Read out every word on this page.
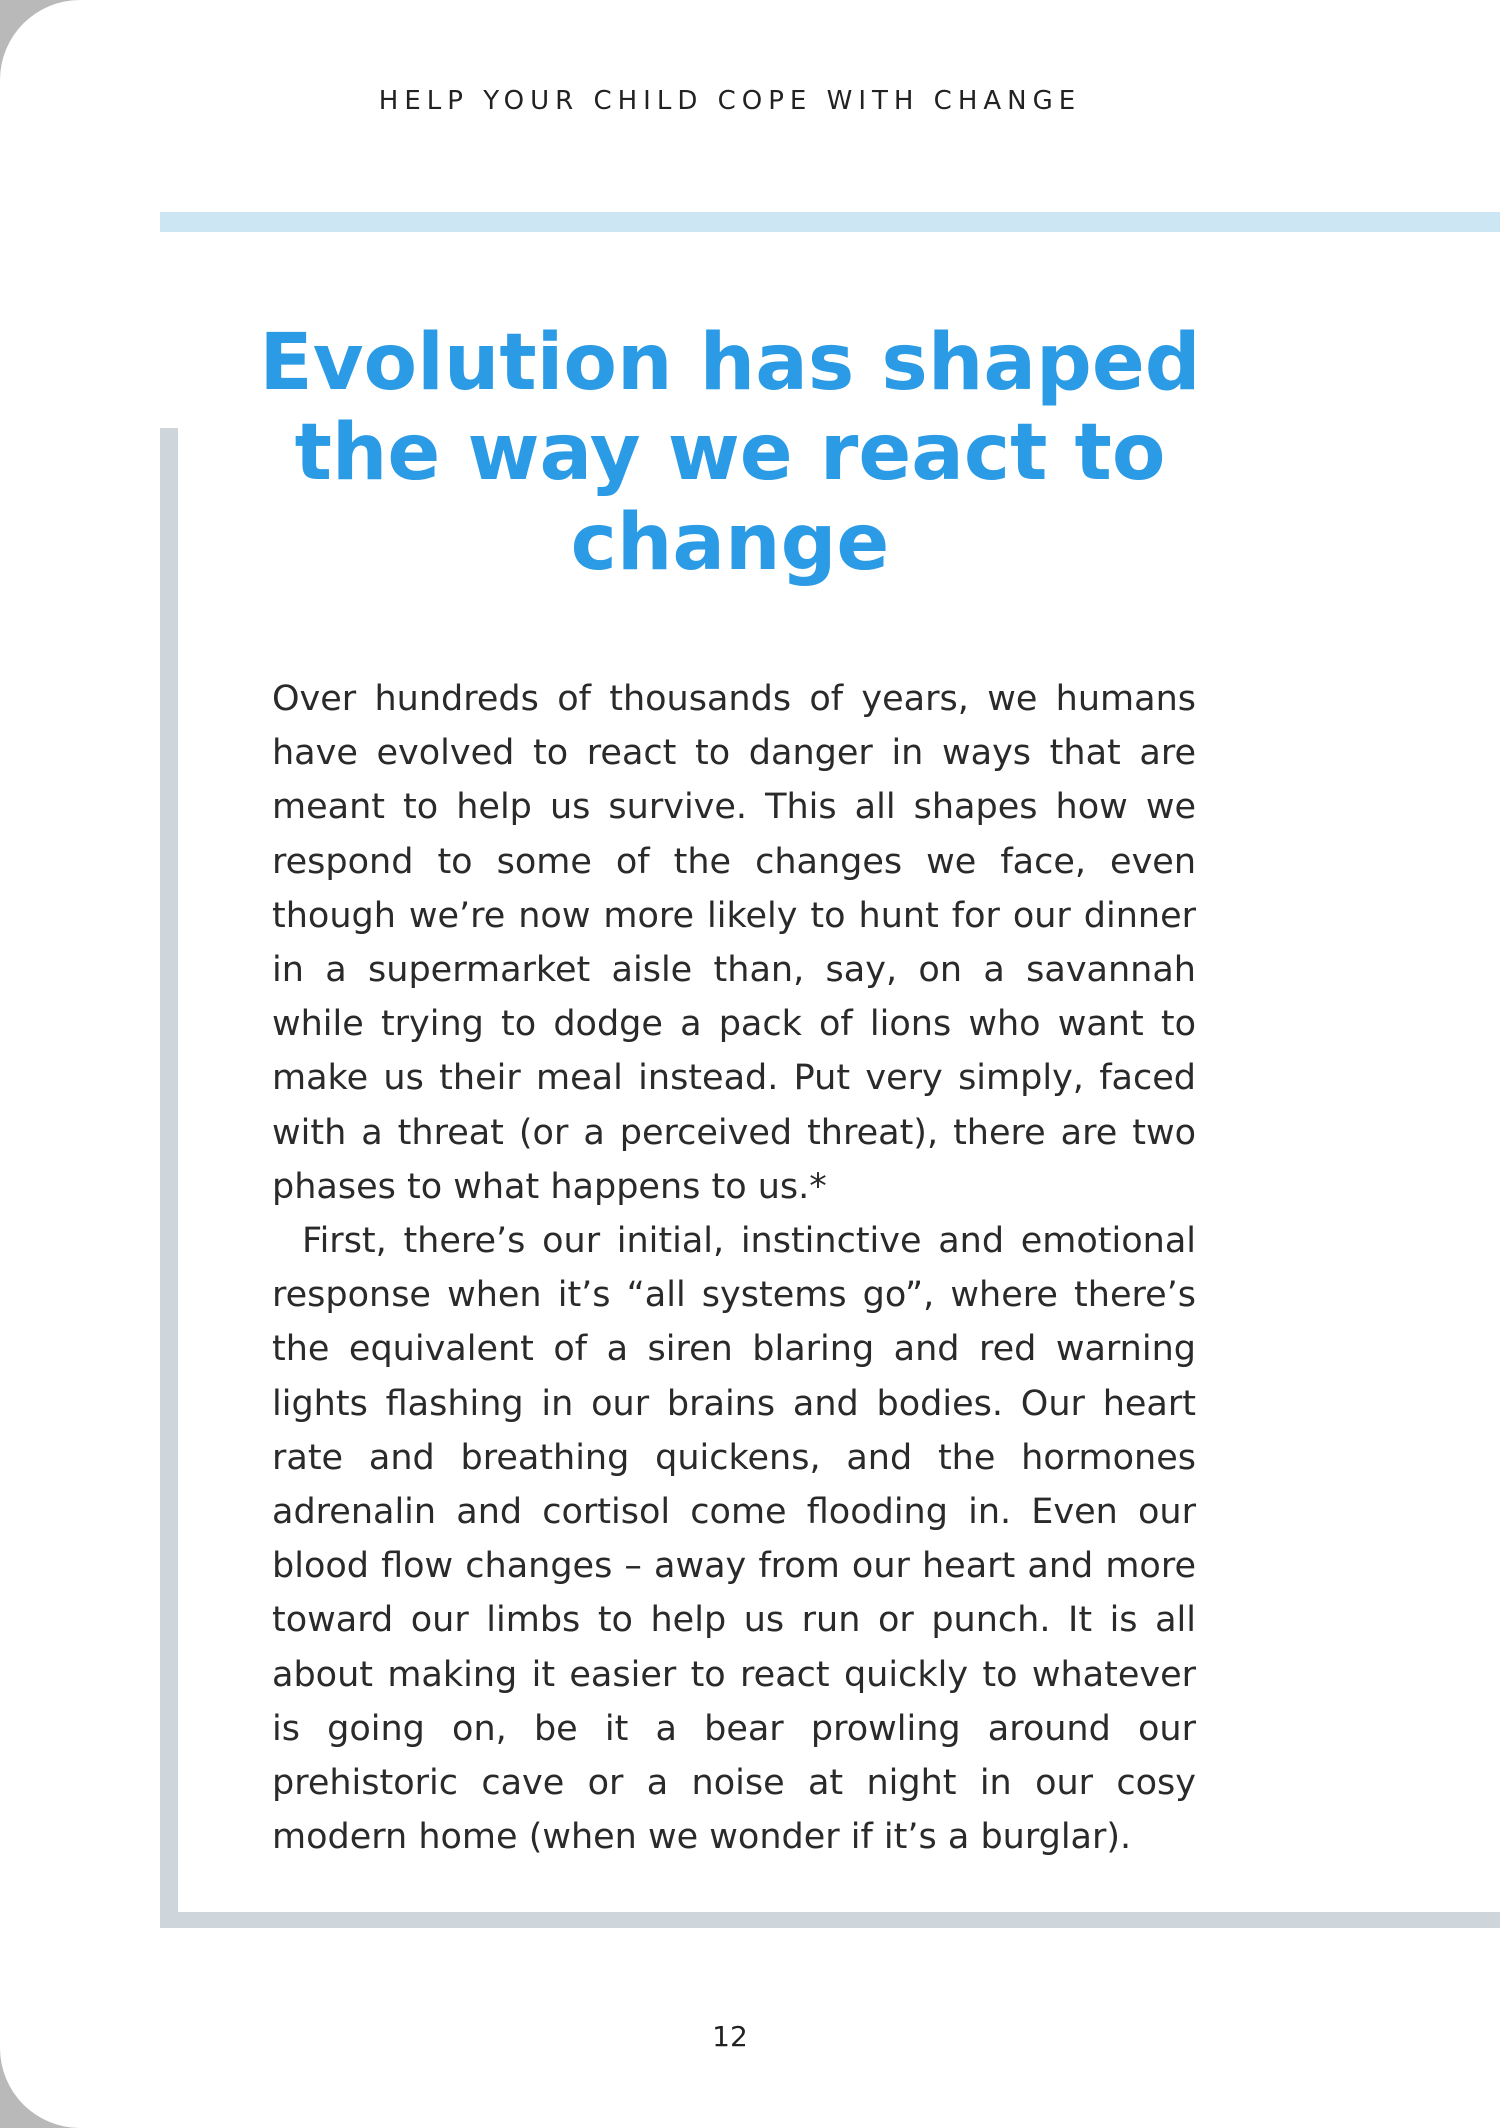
HELP YOUR CHILD COPE WITH CHANGE
Evolution has shaped the way we react to change

Over hundreds of thousands of years, we humans have evolved to react to danger in ways that are meant to help us survive. This all shapes how we respond to some of the changes we face, even though we’re now more likely to hunt for our dinner in a supermarket aisle than, say, on a savannah while trying to dodge a pack of lions who want to make us their meal instead. Put very simply, faced with a threat (or a perceived threat), there are two phases to what happens to us.*

First, there’s our initial, instinctive and emotional response when it’s “all systems go”, where there’s the equivalent of a siren blaring and red warning lights flashing in our brains and bodies. Our heart rate and breathing quickens, and the hormones adrenalin and cortisol come flooding in. Even our blood flow changes – away from our heart and more toward our limbs to help us run or punch. It is all about making it easier to react quickly to whatever is going on, be it a bear prowling around our prehistoric cave or a noise at night in our cosy modern home (when we wonder if it’s a burglar).

12
